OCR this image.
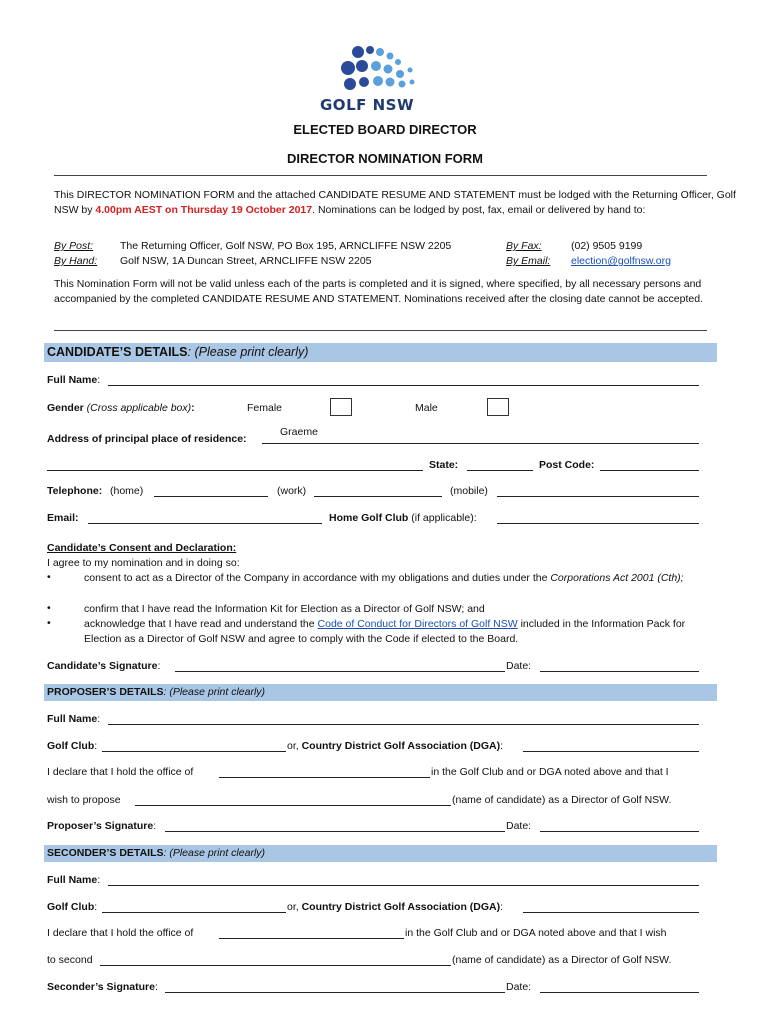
GOLF NSW
ELECTED BOARD DIRECTOR
DIRECTOR NOMINATION FORM
This DIRECTOR NOMINATION FORM and the attached CANDIDATE RESUME AND STATEMENT must be lodged with the Returning Officer, Golf NSW by 4.00pm AEST on Thursday 19 October 2017. Nominations can be lodged by post, fax, email or delivered by hand to:
By Post:	The Returning Officer, Golf NSW, PO Box 195, ARNCLIFFE NSW 2205
By Hand: Golf NSW, 1A Duncan Street, ARNCLIFFE NSW 2205
By Fax:	(02) 9505 9199
By Email: election@golfnsw.org
This Nomination Form will not be valid unless each of the parts is completed and it is signed, where specified, by all necessary persons and accompanied by the completed CANDIDATE RESUME AND STATEMENT. Nominations received after the closing date cannot be accepted.
CANDIDATE’S DETAILS: (Please print clearly)
Full Name:
Gender (Cross applicable box):	Female	Male
Address of principal place of residence:
Graeme
State:	Post Code:
Telephone: (home)	(work)	(mobile)
Email:	Home Golf Club (if applicable):
Candidate’s Consent and Declaration:
I agree to my nomination and in doing so:
•	consent to act as a Director of the Company in accordance with my obligations and duties under the Corporations Act 2001 (Cth);
•	confirm that I have read the Information Kit for Election as a Director of Golf NSW; and
•	acknowledge that I have read and understand the Code of Conduct for Directors of Golf NSW included in the Information Pack for Election as a Director of Golf NSW and agree to comply with the Code if elected to the Board.
Candidate’s Signature:	Date:
PROPOSER’S DETAILS: (Please print clearly)
Full Name:
Golf Club:	or, Country District Golf Association (DGA):
I declare that I hold the office of	in the Golf Club and or DGA noted above and that I
wish to propose	(name of candidate) as a Director of Golf NSW.
Proposer’s Signature:	Date:
SECONDER’S DETAILS: (Please print clearly)
Full Name:
Golf Club:	or, Country District Golf Association (DGA):
I declare that I hold the office of	in the Golf Club and or DGA noted above and that I wish
to second	(name of candidate) as a Director of Golf NSW.
Seconder’s Signature:	Date:
